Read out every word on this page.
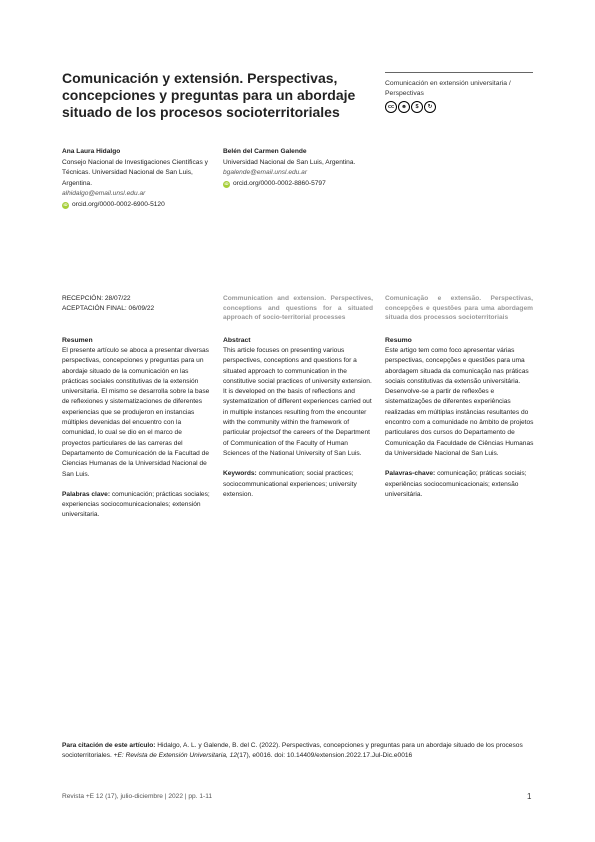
Comunicación y extensión. Perspectivas, concepciones y preguntas para un abordaje situado de los procesos socioterritoriales
Comunicación en extensión universitaria / Perspectivas
cc	☻	$	↻
Ana Laura Hidalgo
Consejo Nacional de Investigaciones Científicas y Técnicas. Universidad Nacional de San Luis, Argentina.
alhidalgo@email.unsl.edu.ar
iD orcid.org/0000-0002-6900-5120
Belén del Carmen Galende
Universidad Nacional de San Luis, Argentina.
bgalende@email.unsl.edu.ar
iD orcid.org/0000-0002-8860-5797
RECEPCIÓN: 28/07/22
ACEPTACIÓN FINAL: 06/09/22
Communication and extension. Perspectives, conceptions and questions for a situated approach of socio-territorial processes
Comunicação e extensão. Perspectivas, concepções e questões para uma abordagem situada dos processos socioterritoriais
Resumen

El presente artículo se aboca a presentar diversas perspectivas, concepciones y preguntas para un abordaje situado de la comunicación en las prácticas sociales constitutivas de la extensión universitaria. El mismo se desarrolla sobre la base de reflexiones y sistematizaciones de diferentes experiencias que se produjeron en instancias múltiples devenidas del encuentro con la comunidad, lo cual se dio en el marco de proyectos particulares de las carreras del Departamento de Comunicación de la Facultad de Ciencias Humanas de la Universidad Nacional de San Luis.

Palabras clave: comunicación; prácticas sociales; experiencias sociocomunicacionales; extensión universitaria.

Abstract

This article focuses on presenting various perspectives, conceptions and questions for a situated approach to communication in the constitutive social practices of university extension. It is developed on the basis of reflections and systematization of different experiences carried out in multiple instances resulting from the encounter with the community within the framework of particular projectsof the careers of the Department of Communication of the Faculty of Human Sciences of the National University of San Luis.

Keywords: communication; social practices; sociocommunicational experiences; university extension.

Resumo

Este artigo tem como foco apresentar várias perspectivas, concepções e questões para uma abordagem situada da comunicação nas práticas sociais constitutivas da extensão universitária. Desenvolve-se a partir de reflexões e sistematizações de diferentes experiências realizadas em múltiplas instâncias resultantes do encontro com a comunidade no âmbito de projetos particulares dos cursos do Departamento de Comunicação da Faculdade de Ciências Humanas da Universidade Nacional de San Luis.

Palavras-chave: comunicação; práticas sociais; experiências sociocomunicacionais; extensão universitária.

Para citación de este artículo: Hidalgo, A. L. y Galende, B. del C. (2022). Perspectivas, concepciones y preguntas para un abordaje situado de los procesos socioterritoriales. +E: Revista de Extensión Universitaria, 12(17), e0016. doi: 10.14409/extension.2022.17.Jul-Dic.e0016
Revista +E 12 (17), julio-diciembre | 2022 | pp. 1-11	1
